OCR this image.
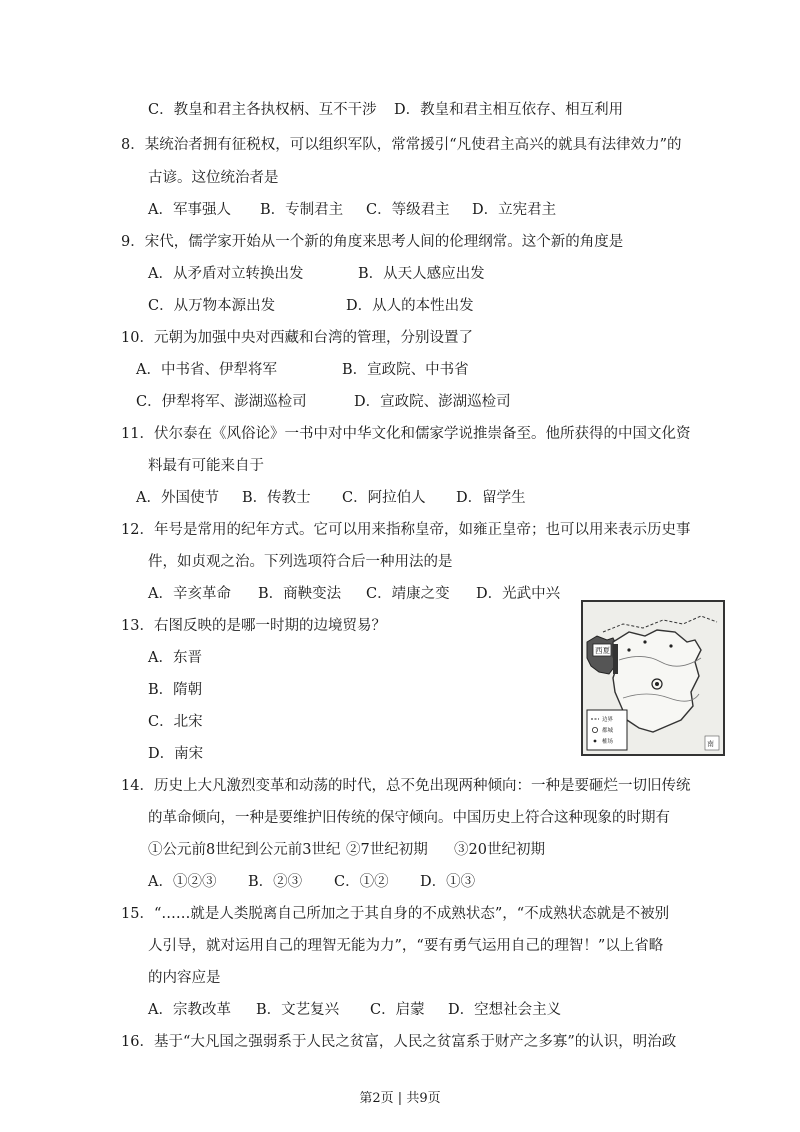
C．教皇和君主各执权柄、互不干涉 D．教皇和君主相互依存、相互利用
8．某统治者拥有征税权，可以组织军队，常常援引“凡使君主高兴的就具有法律效力”的
古谚。这位统治者是
A．军事强人 B．专制君主 C．等级君主 D．立宪君主
9．宋代，儒学家开始从一个新的角度来思考人间的伦理纲常。这个新的角度是
A．从矛盾对立转换出发	B．从天人感应出发
C．从万物本源出发	D．从人的本性出发
10．元朝为加强中央对西藏和台湾的管理，分别设置了
A．中书省、伊犁将军	B．宣政院、中书省
C．伊犁将军、澎湖巡检司	D．宣政院、澎湖巡检司
11．伏尔泰在《风俗论》一书中对中华文化和儒家学说推崇备至。他所获得的中国文化资
料最有可能来自于
A．外国使节 B．传教士 C．阿拉伯人 D．留学生
12．年号是常用的纪年方式。它可以用来指称皇帝，如雍正皇帝；也可以用来表示历史事
件，如贞观之治。下列选项符合后一种用法的是
A．辛亥革命 B．商鞅变法 C．靖康之变 D．光武中兴
13．右图反映的是哪一时期的边境贸易？
A．东晋
B．隋朝
C．北宋
D．南宋
西夏
边界
都城
榷场	南
14．历史上大凡激烈变革和动荡的时代，总不免出现两种倾向：一种是要砸烂一切旧传统
的革命倾向，一种是要维护旧传统的保守倾向。中国历史上符合这种现象的时期有
①公元前8世纪到公元前3世纪 ②7世纪初期 ③20世纪初期
A．①②③ B．②③ C．①② D．①③
15．“……就是人类脱离自己所加之于其自身的不成熟状态”，“不成熟状态就是不被别
人引导，就对运用自己的理智无能为力”，“要有勇气运用自己的理智！”以上省略
的内容应是
A．宗教改革 B．文艺复兴 C．启蒙 D．空想社会主义
16．基于“大凡国之强弱系于人民之贫富，人民之贫富系于财产之多寡”的认识，明治政
第2页 | 共9页
